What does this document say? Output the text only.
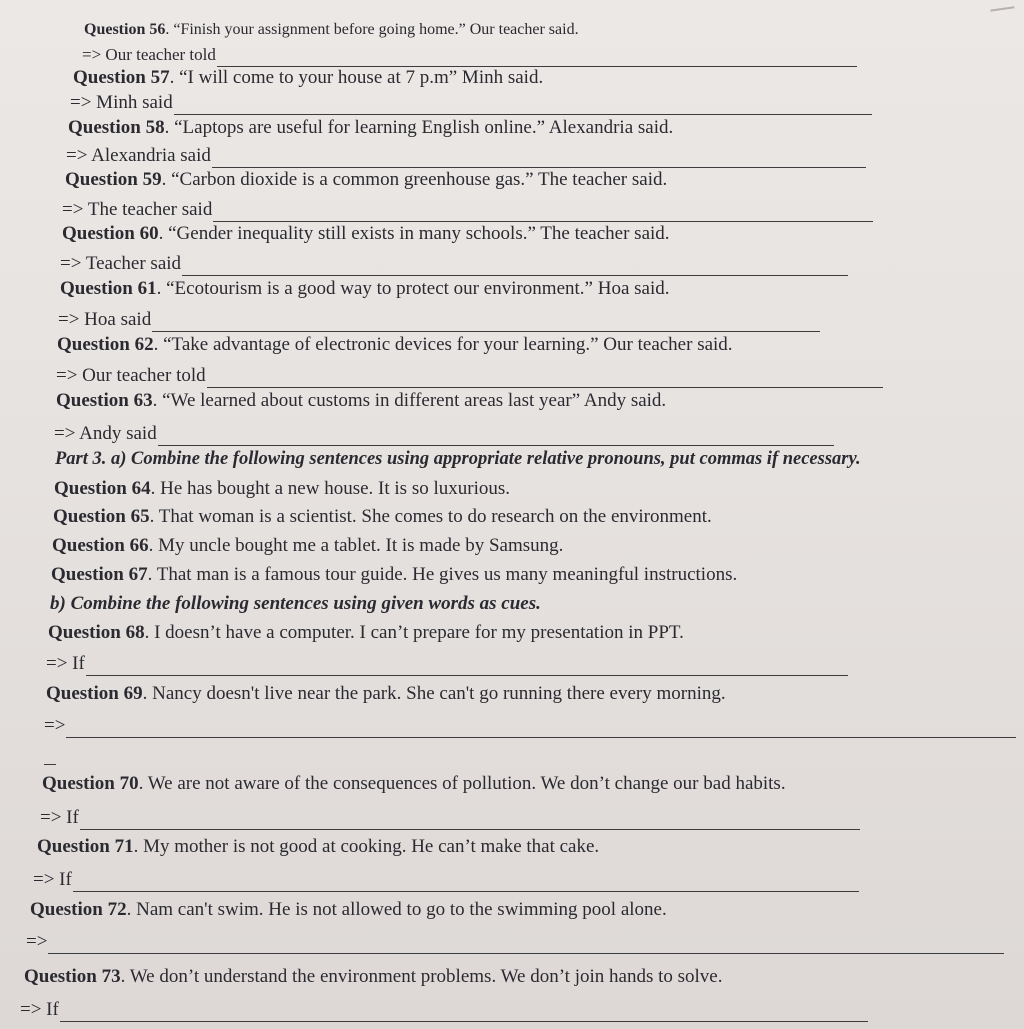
Question 56. “Finish your assignment before going home.” Our teacher said.
=> Our teacher told
Question 57. “I will come to your house at 7 p.m” Minh said.
=> Minh said
Question 58. “Laptops are useful for learning English online.” Alexandria said.
=> Alexandria said
Question 59. “Carbon dioxide is a common greenhouse gas.” The teacher said.
=> The teacher said
Question 60. “Gender inequality still exists in many schools.” The teacher said.
=> Teacher said
Question 61. “Ecotourism is a good way to protect our environment.” Hoa said.
=> Hoa said
Question 62. “Take advantage of electronic devices for your learning.” Our teacher said.
=> Our teacher told
Question 63. “We learned about customs in different areas last year” Andy said.
=> Andy said
Part 3. a) Combine the following sentences using appropriate relative pronouns, put commas if necessary.
Question 64. He has bought a new house. It is so luxurious.
Question 65. That woman is a scientist. She comes to do research on the environment.
Question 66. My uncle bought me a tablet. It is made by Samsung.
Question 67. That man is a famous tour guide. He gives us many meaningful instructions.
b) Combine the following sentences using given words as cues.
Question 68. I doesn’t have a computer. I can’t prepare for my presentation in PPT.
=> If
Question 69. Nancy doesn't live near the park. She can't go running there every morning.
=>
Question 70. We are not aware of the consequences of pollution. We don’t change our bad habits.
=> If
Question 71. My mother is not good at cooking. He can’t make that cake.
=> If
Question 72. Nam can't swim. He is not allowed to go to the swimming pool alone.
=>
Question 73. We don’t understand the environment problems. We don’t join hands to solve.
=> If
